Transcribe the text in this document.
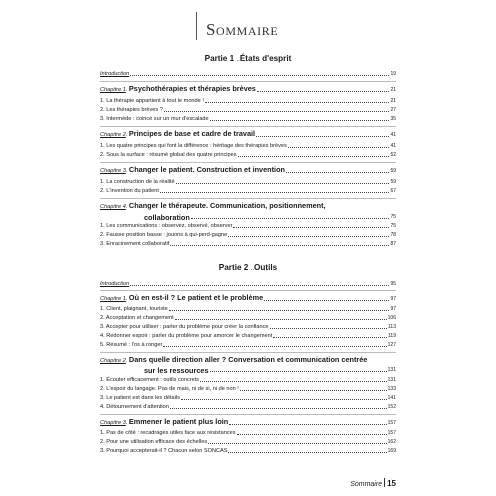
Sommaire
Partie 1 ..États d'esprit
Introduction	19
Chapitre 1. Psychothérapies et thérapies brèves	21
1. La thérapie appartient à tout le monde !	21
2. Les thérapies brèves ?	27
3. Intermède : coincé sur un mur d'escalade	35
Chapitre 2. Principes de base et cadre de travail	41
1. Les quatre principes qui font la différence : héritage des thérapies brèves	41
2. Sous la surface : résumé global des quatre principes	52
Chapitre 3. Changer le patient. Construction et invention	59
1. La construction de la réalité	59
2. L'invention du patient	67
Chapitre 4. Changer le thérapeute. Communication, positionnement,
collaboration	75
1. Les communications : observez, observé, observer	75
2. Fausse position basse : jouons à qui-perd-gagne	78
3. Enracinement collaboratif	87
Partie 2 ..Outils
Introduction	95
Chapitre 1. Où en est-il ? Le patient et le problème	97
1. Client, plaignant, touriste	97
2. Acceptation et changement	106
3. Accepter pour utiliser : parler du problème pour créer la confiance	113
4. Redonner espoir : parler du problème pour amorcer le changement	119
5. Résumé : l'os à ronger	127
Chapitre 2. Dans quelle direction aller ? Conversation et communication centrée
sur les ressources	131
1. Écouter efficacement : outils concrets	131
2. L'espoir du langage. Pas de mais, ni de si, ni de non !	133
3. Le patient est dans les détails	141
4. Détournement d'attention	152
Chapitre 3. Emmener le patient plus loin	157
1. Pas de côté : recadrages utiles face aux résistances	157
2. Pour une utilisation efficace des échelles	162
3. Pourquoi accepterait-il ? Chacun selon SONCAS	169
Sommaire 15
